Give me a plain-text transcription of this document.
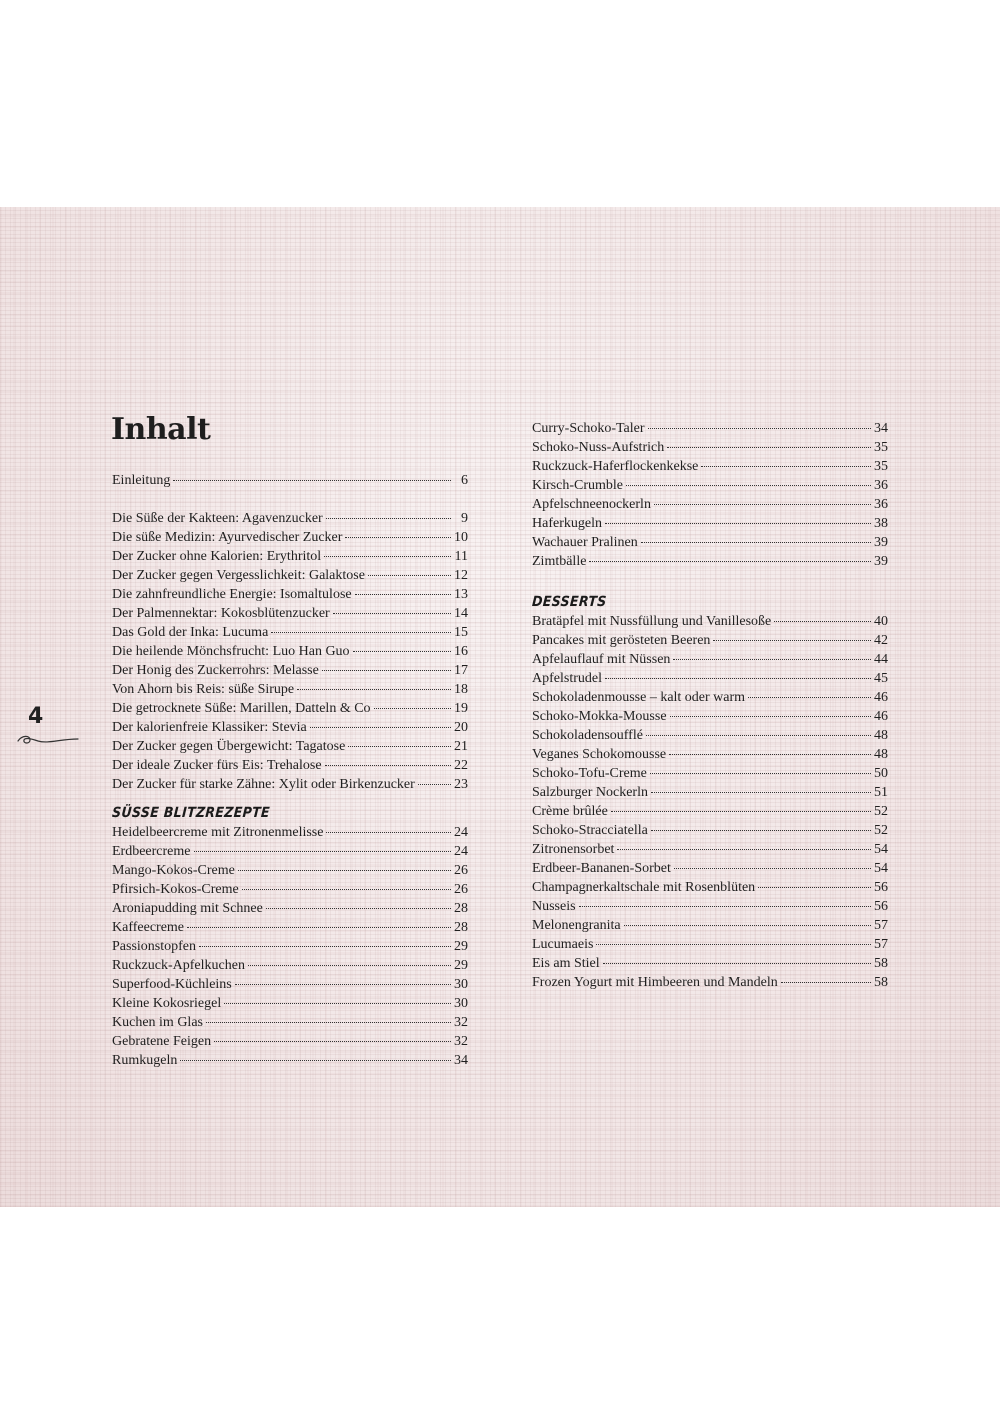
Inhalt
Einleitung	6
Die Süße der Kakteen: Agavenzucker	9
Die süße Medizin: Ayurvedischer Zucker	10
Der Zucker ohne Kalorien: Erythritol	11
Der Zucker gegen Vergesslichkeit: Galaktose	12
Die zahnfreundliche Energie: Isomaltulose	13
Der Palmennektar: Kokosblütenzucker	14
Das Gold der Inka: Lucuma	15
Die heilende Mönchsfrucht: Luo Han Guo	16
Der Honig des Zuckerrohrs: Melasse	17
Von Ahorn bis Reis: süße Sirupe	18
Die getrocknete Süße: Marillen, Datteln & Co	19
Der kalorienfreie Klassiker: Stevia	20
Der Zucker gegen Übergewicht: Tagatose	21
Der ideale Zucker fürs Eis: Trehalose	22
Der Zucker für starke Zähne: Xylit oder Birkenzucker	23
SÜSSE BLITZREZEPTE
Heidelbeercreme mit Zitronenmelisse	24
Erdbeercreme	24
Mango-Kokos-Creme	26
Pfirsich-Kokos-Creme	26
Aroniapudding mit Schnee	28
Kaffeecreme	28
Passionstopfen	29
Ruckzuck-Apfelkuchen	29
Superfood-Küchleins	30
Kleine Kokosriegel	30
Kuchen im Glas	32
Gebratene Feigen	32
Rumkugeln	34
Curry-Schoko-Taler	34
Schoko-Nuss-Aufstrich	35
Ruckzuck-Haferflockenkekse	35
Kirsch-Crumble	36
Apfelschneenockerln	36
Haferkugeln	38
Wachauer Pralinen	39
Zimtbälle	39
DESSERTS
Bratäpfel mit Nussfüllung und Vanillesoße	40
Pancakes mit gerösteten Beeren	42
Apfelauflauf mit Nüssen	44
Apfelstrudel	45
Schokoladenmousse – kalt oder warm	46
Schoko-Mokka-Mousse	46
Schokoladensoufflé	48
Veganes Schokomousse	48
Schoko-Tofu-Creme	50
Salzburger Nockerln	51
Crème brûlée	52
Schoko-Stracciatella	52
Zitronensorbet	54
Erdbeer-Bananen-Sorbet	54
Champagnerkaltschale mit Rosenblüten	56
Nusseis	56
Melonengranita	57
Lucumaeis	57
Eis am Stiel	58
Frozen Yogurt mit Himbeeren und Mandeln	58
4
